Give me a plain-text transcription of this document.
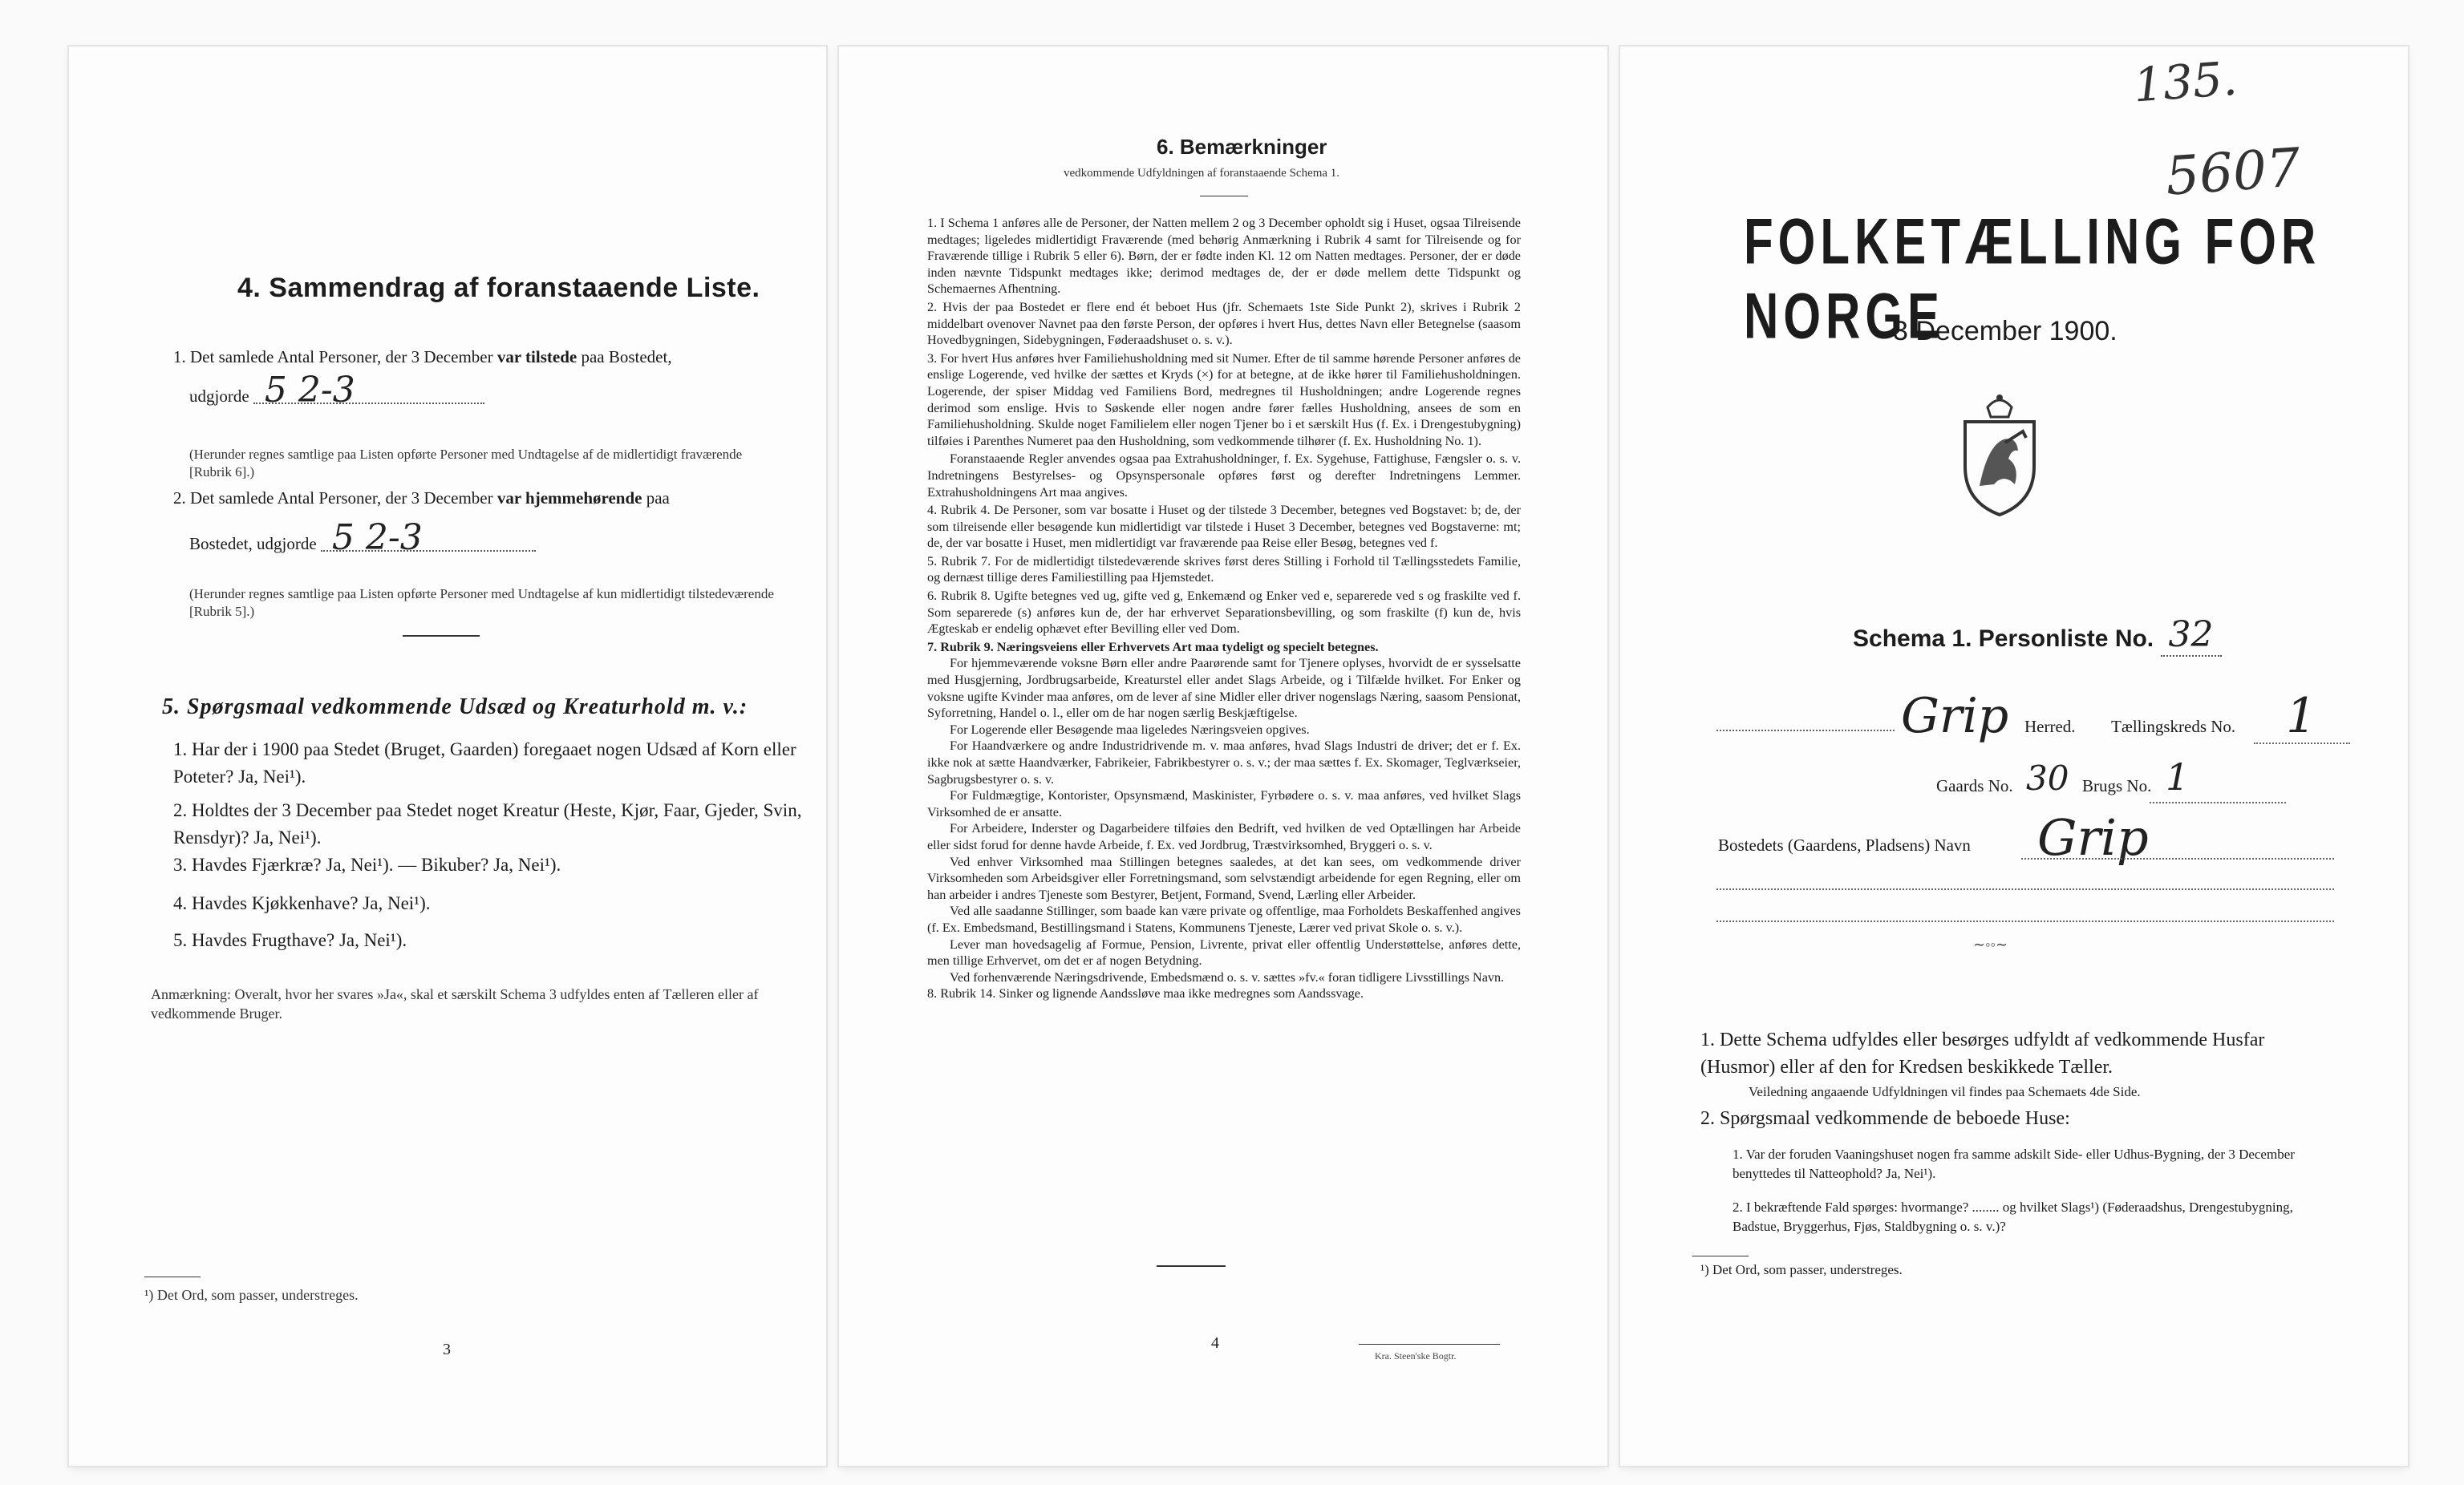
4. Sammendrag af foranstaaende Liste.
1. Det samlede Antal Personer, der 3 December var tilstede paa Bostedet,
udgjorde 5 2-3
(Herunder regnes samtlige paa Listen opførte Personer med Undtagelse af de midlertidigt fraværende [Rubrik 6].)
2. Det samlede Antal Personer, der 3 December var hjemmehørende paa
Bostedet, udgjorde 5 2-3
(Herunder regnes samtlige paa Listen opførte Personer med Undtagelse af kun midlertidigt tilstedeværende [Rubrik 5].)
5. Spørgsmaal vedkommende Udsæd og Kreaturhold m. v.:
1. Har der i 1900 paa Stedet (Bruget, Gaarden) foregaaet nogen Udsæd af Korn eller Poteter? Ja, Nei¹).
2. Holdtes der 3 December paa Stedet noget Kreatur (Heste, Kjør, Faar, Gjeder, Svin, Rensdyr)? Ja, Nei¹).
3. Havdes Fjærkræ? Ja, Nei¹). — Bikuber? Ja, Nei¹).
4. Havdes Kjøkkenhave? Ja, Nei¹).
5. Havdes Frugthave? Ja, Nei¹).
Anmærkning: Overalt, hvor her svares »Ja«, skal et særskilt Schema 3 udfyldes enten af Tælleren eller af vedkommende Bruger.
¹) Det Ord, som passer, understreges.
3
6. Bemærkninger
vedkommende Udfyldningen af foranstaaende Schema 1.

1. I Schema 1 anføres alle de Personer, der Natten mellem 2 og 3 December opholdt sig i Huset, ogsaa Tilreisende medtages; ligeledes midlertidigt Fraværende (med behørig Anmærkning i Rubrik 4 samt for Tilreisende og for Fraværende tillige i Rubrik 5 eller 6). Børn, der er fødte inden Kl. 12 om Natten medtages. Personer, der er døde inden nævnte Tidspunkt medtages ikke; derimod medtages de, der er døde mellem dette Tidspunkt og Schemaernes Afhentning.

2. Hvis der paa Bostedet er flere end ét beboet Hus (jfr. Schemaets 1ste Side Punkt 2), skrives i Rubrik 2 middelbart ovenover Navnet paa den første Person, der opføres i hvert Hus, dettes Navn eller Betegnelse (saasom Hovedbygningen, Sidebygningen, Føderaadshuset o. s. v.).

3. For hvert Hus anføres hver Familiehusholdning med sit Numer. Efter de til samme hørende Personer anføres de enslige Logerende, ved hvilke der sættes et Kryds (×) for at betegne, at de ikke hører til Familiehusholdningen. Logerende, der spiser Middag ved Familiens Bord, medregnes til Husholdningen; andre Logerende regnes derimod som enslige. Hvis to Søskende eller nogen andre fører fælles Husholdning, ansees de som en Familiehusholdning. Skulde noget Familielem eller nogen Tjener bo i et særskilt Hus (f. Ex. i Drengestubygning) tilføies i Parenthes Numeret paa den Husholdning, som vedkommende tilhører (f. Ex. Husholdning No. 1).

Foranstaaende Regler anvendes ogsaa paa Extrahusholdninger, f. Ex. Sygehuse, Fattighuse, Fængsler o. s. v. Indretningens Bestyrelses- og Opsynspersonale opføres først og derefter Indretningens Lemmer. Extrahusholdningens Art maa angives.

4. Rubrik 4. De Personer, som var bosatte i Huset og der tilstede 3 December, betegnes ved Bogstavet: b; de, der som tilreisende eller besøgende kun midlertidigt var tilstede i Huset 3 December, betegnes ved Bogstaverne: mt; de, der var bosatte i Huset, men midlertidigt var fraværende paa Reise eller Besøg, betegnes ved f.

5. Rubrik 7. For de midlertidigt tilstedeværende skrives først deres Stilling i Forhold til Tællingsstedets Familie, og dernæst tillige deres Familiestilling paa Hjemstedet.

6. Rubrik 8. Ugifte betegnes ved ug, gifte ved g, Enkemænd og Enker ved e, separerede ved s og fraskilte ved f. Som separerede (s) anføres kun de, der har erhvervet Separationsbevilling, og som fraskilte (f) kun de, hvis Ægteskab er endelig ophævet efter Bevilling eller ved Dom.

7. Rubrik 9. Næringsveiens eller Erhvervets Art maa tydeligt og specielt betegnes.

For hjemmeværende voksne Børn eller andre Paarørende samt for Tjenere oplyses, hvorvidt de er sysselsatte med Husgjerning, Jordbrugsarbeide, Kreaturstel eller andet Slags Arbeide, og i Tilfælde hvilket. For Enker og voksne ugifte Kvinder maa anføres, om de lever af sine Midler eller driver nogenslags Næring, saasom Pensionat, Syforretning, Handel o. l., eller om de har nogen særlig Beskjæftigelse.

For Logerende eller Besøgende maa ligeledes Næringsveien opgives.

For Haandværkere og andre Industridrivende m. v. maa anføres, hvad Slags Industri de driver; det er f. Ex. ikke nok at sætte Haandværker, Fabrikeier, Fabrikbestyrer o. s. v.; der maa sættes f. Ex. Skomager, Teglværkseier, Sagbrugsbestyrer o. s. v.

For Fuldmægtige, Kontorister, Opsynsmænd, Maskinister, Fyrbødere o. s. v. maa anføres, ved hvilket Slags Virksomhed de er ansatte.

For Arbeidere, Inderster og Dagarbeidere tilføies den Bedrift, ved hvilken de ved Optællingen har Arbeide eller sidst forud for denne havde Arbeide, f. Ex. ved Jordbrug, Træstvirksomhed, Bryggeri o. s. v.

Ved enhver Virksomhed maa Stillingen betegnes saaledes, at det kan sees, om vedkommende driver Virksomheden som Arbeidsgiver eller Forretningsmand, som selvstændigt arbeidende for egen Regning, eller om han arbeider i andres Tjeneste som Bestyrer, Betjent, Formand, Svend, Lærling eller Arbeider.

Ved alle saadanne Stillinger, som baade kan være private og offentlige, maa Forholdets Beskaffenhed angives (f. Ex. Embedsmand, Bestillingsmand i Statens, Kommunens Tjeneste, Lærer ved privat Skole o. s. v.).

Lever man hovedsagelig af Formue, Pension, Livrente, privat eller offentlig Understøttelse, anføres dette, men tillige Erhvervet, om det er af nogen Betydning.

Ved forhenværende Næringsdrivende, Embedsmænd o. s. v. sættes »fv.« foran tidligere Livsstillings Navn.

8. Rubrik 14. Sinker og lignende Aandssløve maa ikke medregnes som Aandssvage.

4
Kra. Steen'ske Bogtr.
135.
5607
FOLKETÆLLING FOR NORGE
3 December 1900.
Schema 1. Personliste No. 32
Grip Herred. Tællingskreds No. 1
Gaards No. 30 Brugs No. 1
Bostedets (Gaardens, Pladsens) Navn Grip
∼◦◦∼
1. Dette Schema udfyldes eller besørges udfyldt af vedkommende Husfar (Husmor) eller af den for Kredsen beskikkede Tæller.
Veiledning angaaende Udfyldningen vil findes paa Schemaets 4de Side.
2. Spørgsmaal vedkommende de beboede Huse:
1. Var der foruden Vaaningshuset nogen fra samme adskilt Side- eller Udhus-Bygning, der 3 December benyttedes til Natteophold? Ja, Nei¹).
2. I bekræftende Fald spørges: hvormange? ........ og hvilket Slags¹) (Føderaadshus, Drengestubygning, Badstue, Bryggerhus, Fjøs, Staldbygning o. s. v.)?
¹) Det Ord, som passer, understreges.
